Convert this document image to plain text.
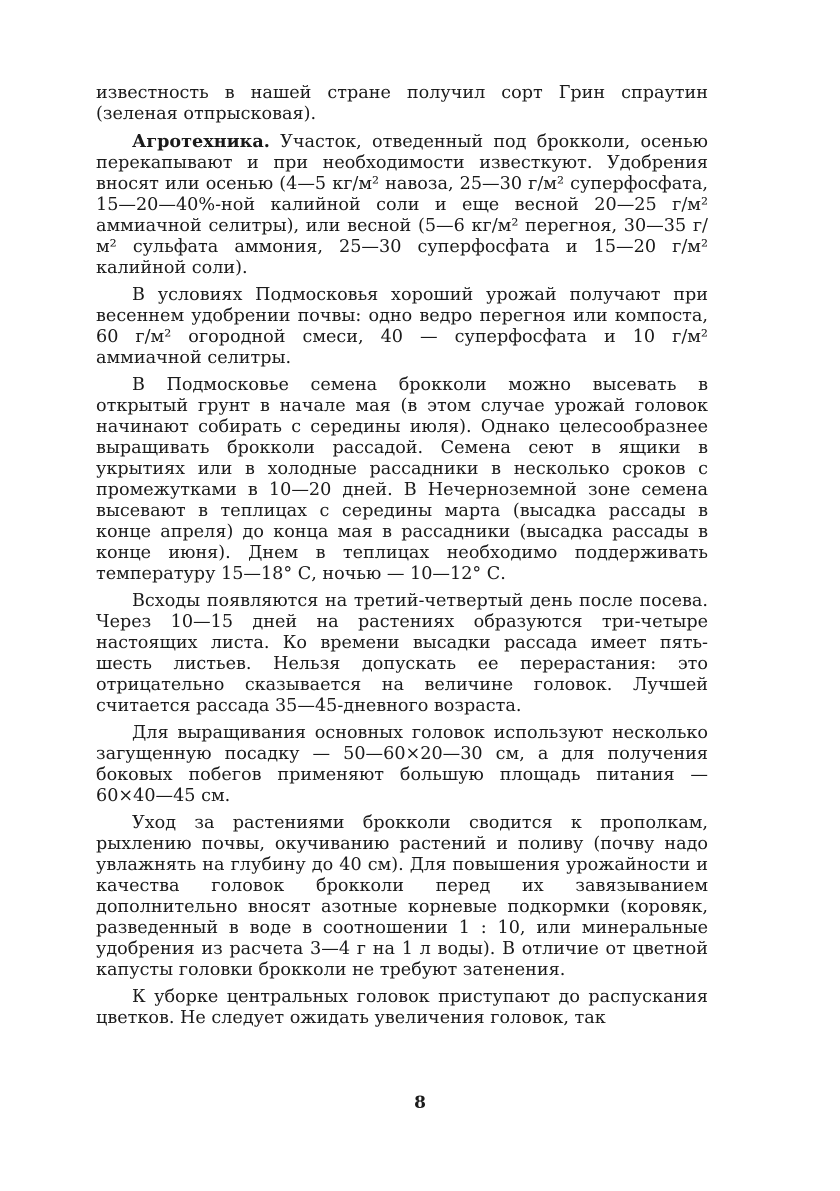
известность в нашей стране получил сорт Грин спраутин (зеленая отпрысковая).

Агротехника. Участок, отведенный под брокколи, осенью перекапывают и при необходимости известкуют. Удобрения вносят или осенью (4—5 кг/м² навоза, 25—30 г/м² суперфосфата, 15—20—40%-ной калийной соли и еще весной 20—25 г/м² аммиачной селитры), или весной (5—6 кг/м² перегноя, 30—35 г/м² сульфата аммония, 25—30 суперфосфата и 15—20 г/м² калийной соли).

В условиях Подмосковья хороший урожай получают при весеннем удобрении почвы: одно ведро перегноя или компоста, 60 г/м² огородной смеси, 40 — суперфосфата и 10 г/м² аммиачной селитры.

В Подмосковье семена брокколи можно высевать в открытый грунт в начале мая (в этом случае урожай головок начинают собирать с середины июля). Однако целесообразнее выращивать брокколи рассадой. Семена сеют в ящики в укрытиях или в холодные рассадники в несколько сроков с промежутками в 10—20 дней. В Нечерноземной зоне семена высевают в теплицах с середины марта (высадка рассады в конце апреля) до конца мая в рассадники (высадка рассады в конце июня). Днем в теплицах необходимо поддерживать температуру 15—18° С, ночью — 10—12° С.

Всходы появляются на третий-четвертый день после посева. Через 10—15 дней на растениях образуются три-четыре настоящих листа. Ко времени высадки рассада имеет пять-шесть листьев. Нельзя допускать ее перерастания: это отрицательно сказывается на величине головок. Лучшей считается рассада 35—45-дневного возраста.

Для выращивания основных головок используют несколько загущенную посадку — 50—60×20—30 см, а для получения боковых побегов применяют большую площадь питания — 60×40—45 см.

Уход за растениями брокколи сводится к прополкам, рыхлению почвы, окучиванию растений и поливу (почву надо увлажнять на глубину до 40 см). Для повышения урожайности и качества головок брокколи перед их завязыванием дополнительно вносят азотные корневые подкормки (коровяк, разведенный в воде в соотношении 1 : 10, или минеральные удобрения из расчета 3—4 г на 1 л воды). В отличие от цветной капусты головки брокколи не требуют затенения.

К уборке центральных головок приступают до распускания цветков. Не следует ожидать увеличения головок, так

8
